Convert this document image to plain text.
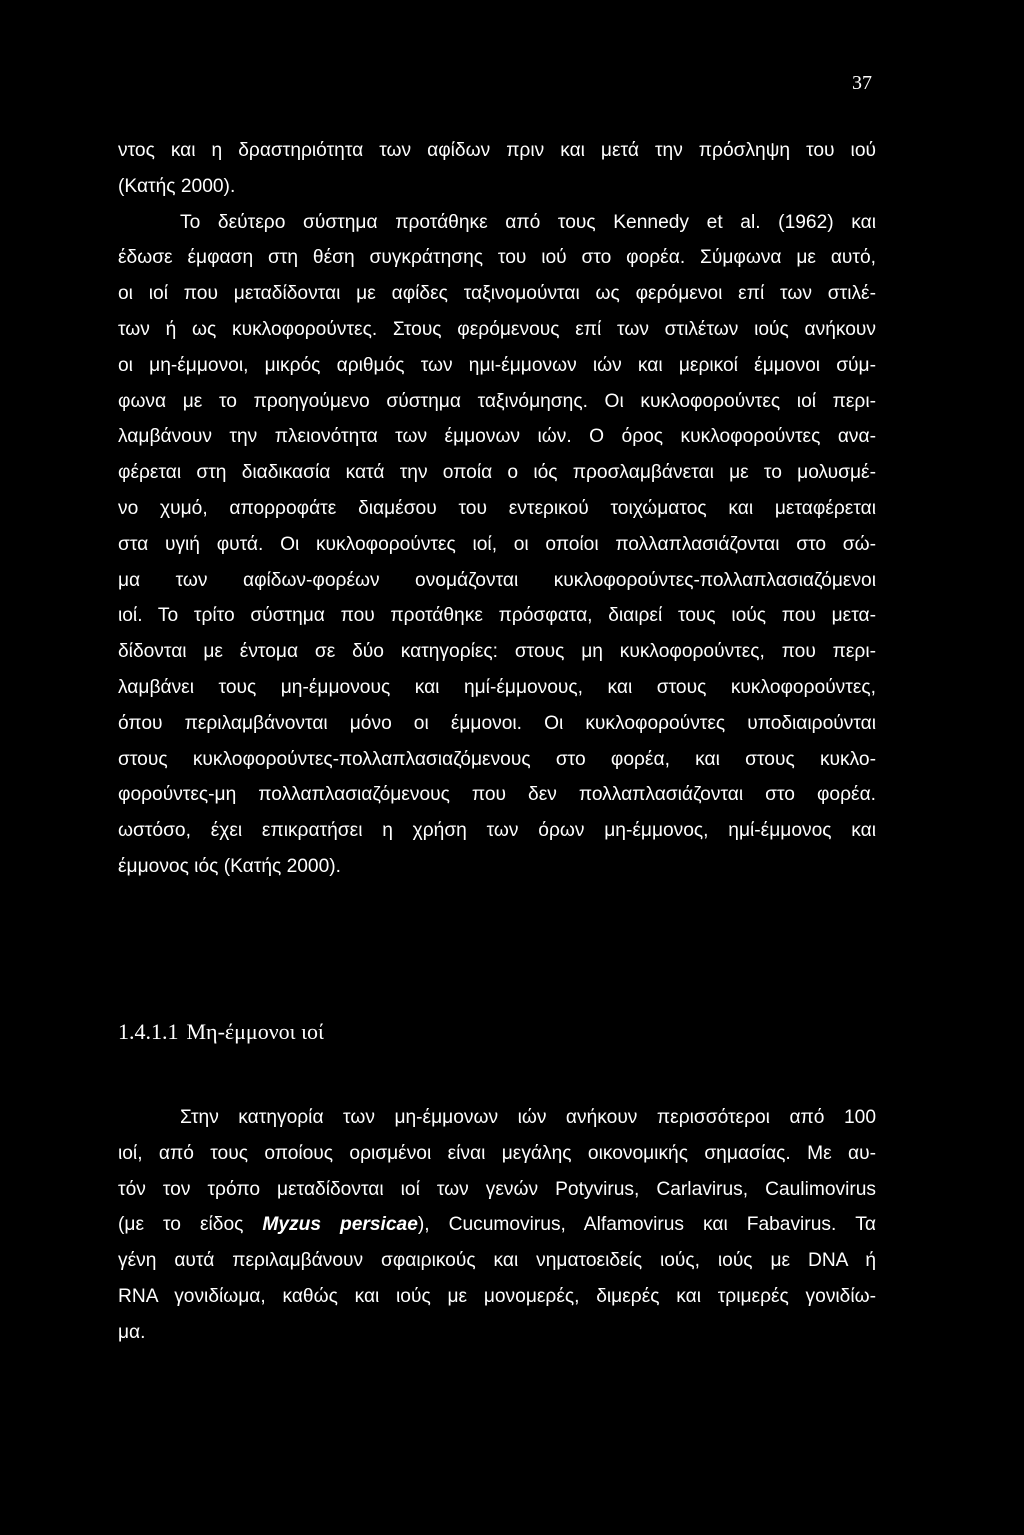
37
ντος και η δραστηριότητα των αφίδων πριν και μετά την πρόσληψη του ιού
(Κατής 2000).
Το δεύτερο σύστημα προτάθηκε από τους Kennedy et al. (1962) και
έδωσε έμφαση στη θέση συγκράτησης του ιού στο φορέα. Σύμφωνα με αυτό,
οι ιοί που μεταδίδονται με αφίδες ταξινομούνται ως φερόμενοι επί των στιλέ-
των ή ως κυκλοφορούντες. Στους φερόμενους επί των στιλέτων ιούς ανήκουν
οι μη-έμμονοι, μικρός αριθμός των ημι-έμμονων ιών και μερικοί έμμονοι σύμ-
φωνα με το προηγούμενο σύστημα ταξινόμησης. Οι κυκλοφορούντες ιοί περι-
λαμβάνουν την πλειονότητα των έμμονων ιών. Ο όρος κυκλοφορούντες ανα-
φέρεται στη διαδικασία κατά την οποία ο ιός προσλαμβάνεται με το μολυσμέ-
νο χυμό, απορροφάτε διαμέσου του εντερικού τοιχώματος και μεταφέρεται
στα υγιή φυτά. Οι κυκλοφορούντες ιοί, οι οποίοι πολλαπλασιάζονται στο σώ-
μα των αφίδων-φορέων ονομάζονται κυκλοφορούντες-πολλαπλασιαζόμενοι
ιοί. Το τρίτο σύστημα που προτάθηκε πρόσφατα, διαιρεί τους ιούς που μετα-
δίδονται με έντομα σε δύο κατηγορίες: στους μη κυκλοφορούντες, που περι-
λαμβάνει τους μη-έμμονους και ημί-έμμονους, και στους κυκλοφορούντες,
όπου περιλαμβάνονται μόνο οι έμμονοι. Οι κυκλοφορούντες υποδιαιρούνται
στους κυκλοφορούντες-πολλαπλασιαζόμενους στο φορέα, και στους κυκλο-
φορούντες-μη πολλαπλασιαζόμενους που δεν πολλαπλασιάζονται στο φορέα.
ωστόσο, έχει επικρατήσει η χρήση των όρων μη-έμμονος, ημί-έμμονος και
έμμονος ιός (Κατής 2000).
1.4.1.1 Μη-έμμονοι ιοί
Στην κατηγορία των μη-έμμονων ιών ανήκουν περισσότεροι από 100
ιοί, από τους οποίους ορισμένοι είναι μεγάλης οικονομικής σημασίας. Με αυ-
τόν τον τρόπο μεταδίδονται ιοί των γενών Potyvirus, Carlavirus, Caulimovirus
(με το είδος Myzus persicae), Cucumovirus, Alfamovirus και Fabavirus. Τα
γένη αυτά περιλαμβάνουν σφαιρικούς και νηματοειδείς ιούς, ιούς με DNA ή
RNA γονιδίωμα, καθώς και ιούς με μονομερές, διμερές και τριμερές γονιδίω-
μα.
